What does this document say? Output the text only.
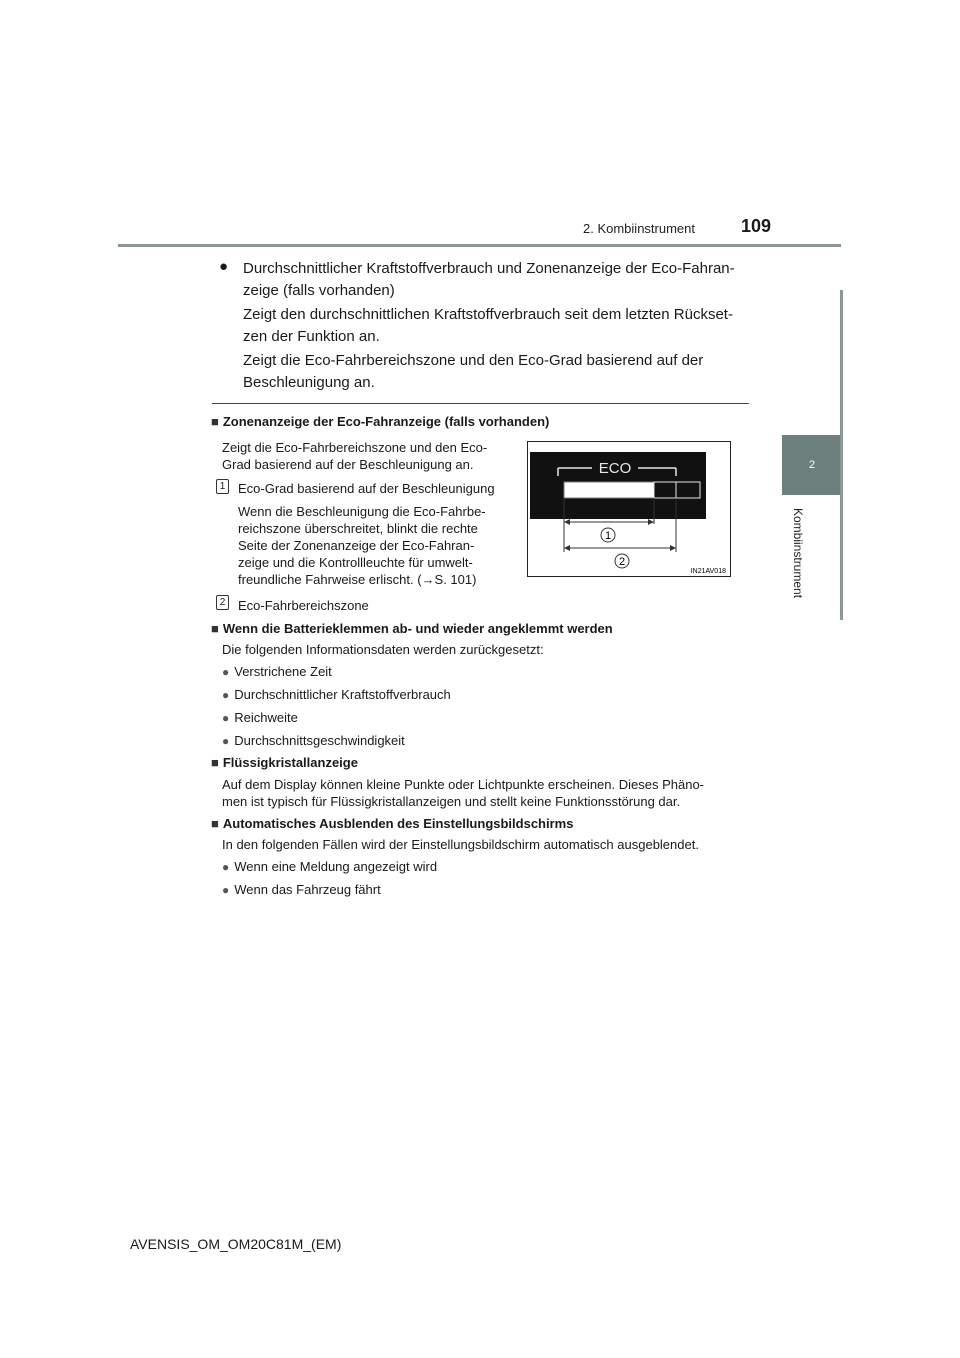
2. Kombiinstrument	109
2
Kombiinstrument
● Durchschnittlicher Kraftstoffverbrauch und Zonenanzeige der Eco-Fahran-
zeige (falls vorhanden)
Zeigt den durchschnittlichen Kraftstoffverbrauch seit dem letzten Rückset-
zen der Funktion an.
Zeigt die Eco-Fahrbereichszone und den Eco-Grad basierend auf der
Beschleunigung an.
■ Zonenanzeige der Eco-Fahranzeige (falls vorhanden)
Zeigt die Eco-Fahrbereichszone und den Eco-
Grad basierend auf der Beschleunigung an.
1 Eco-Grad basierend auf der Beschleunigung
Wenn die Beschleunigung die Eco-Fahrbe-
reichszone überschreitet, blinkt die rechte
Seite der Zonenanzeige der Eco-Fahran-
zeige und die Kontrollleuchte für umwelt-
freundliche Fahrweise erlischt. (→S. 101)
2 Eco-Fahrbereichszone
ECO
1
2
IN21AV018
■ Wenn die Batterieklemmen ab- und wieder angeklemmt werden
Die folgenden Informationsdaten werden zurückgesetzt:
● Verstrichene Zeit
● Durchschnittlicher Kraftstoffverbrauch
● Reichweite
● Durchschnittsgeschwindigkeit
■ Flüssigkristallanzeige
Auf dem Display können kleine Punkte oder Lichtpunkte erscheinen. Dieses Phäno-
men ist typisch für Flüssigkristallanzeigen und stellt keine Funktionsstörung dar.
■ Automatisches Ausblenden des Einstellungsbildschirms
In den folgenden Fällen wird der Einstellungsbildschirm automatisch ausgeblendet.
● Wenn eine Meldung angezeigt wird
● Wenn das Fahrzeug fährt
AVENSIS_OM_OM20C81M_(EM)
